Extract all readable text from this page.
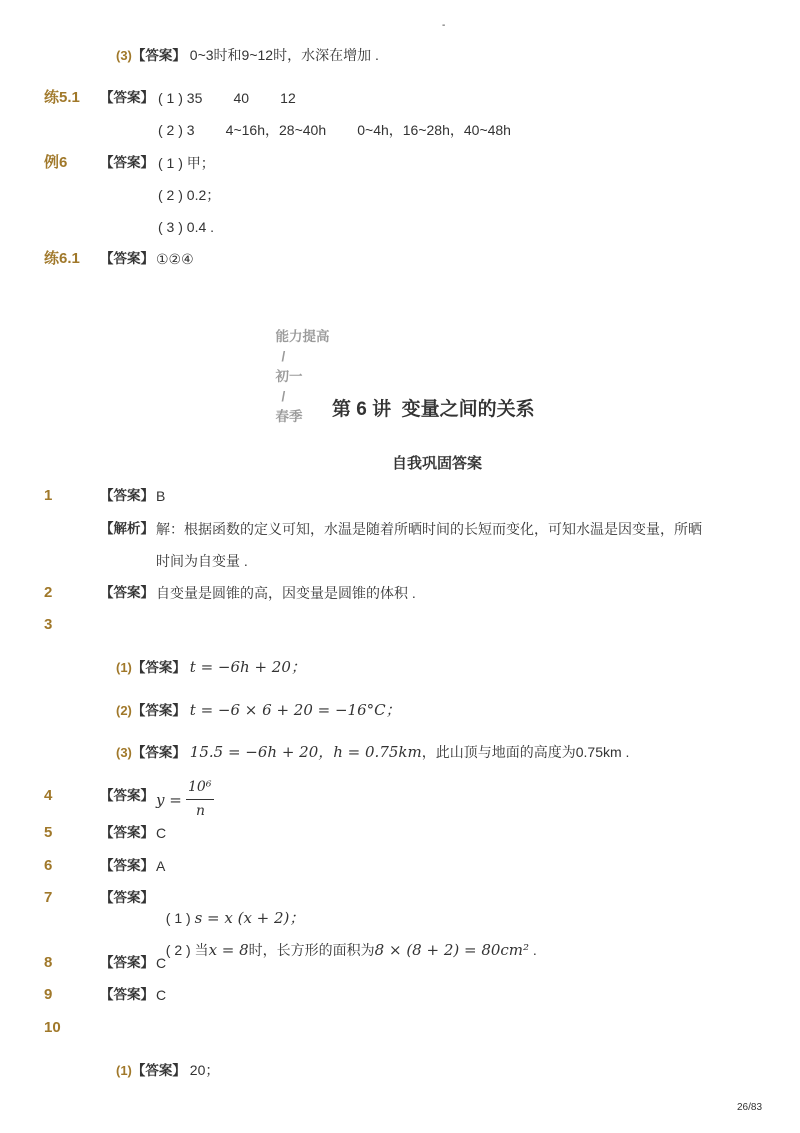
-
(3)【答案】 0~3时和9~12时，水深在增加 .
练5.1 【答案】 ( 1 ) 35        40        12
( 2 ) 3        4~16h，28~40h        0~4h，16~28h，40~48h
例6 【答案】 ( 1 ) 甲；
( 2 ) 0.2；
( 3 ) 0.4 .
练6.1 【答案】 ①②④

能力提高
/
初一
/
春季	第 6 讲  变量之间的关系
自我巩固答案
1	【答案】 B
【解析】 解：根据函数的定义可知，水温是随着所晒时间的长短而变化，可知水温是因变量，所晒
时间为自变量 .
2	【答案】 自变量是圆锥的高，因变量是圆锥的体积 .
3
(1)【答案】 t = −6h + 20；
(2)【答案】 t = −6 × 6 + 20 = −16°C；
(3)【答案】 15.5 = −6h + 20，h = 0.75km，此山顶与地面的高度为0.75km .
4	【答案】 y =
10⁶
n
5	【答案】 C
6	【答案】 A
7	【答案】

( 1 ) s = x (x + 2)；

( 2 ) 当x = 8时，长方形的面积为8 × (8 + 2) = 80cm² .

8	【答案】 C
9	【答案】 C
10
(1)【答案】 20；
26/83
